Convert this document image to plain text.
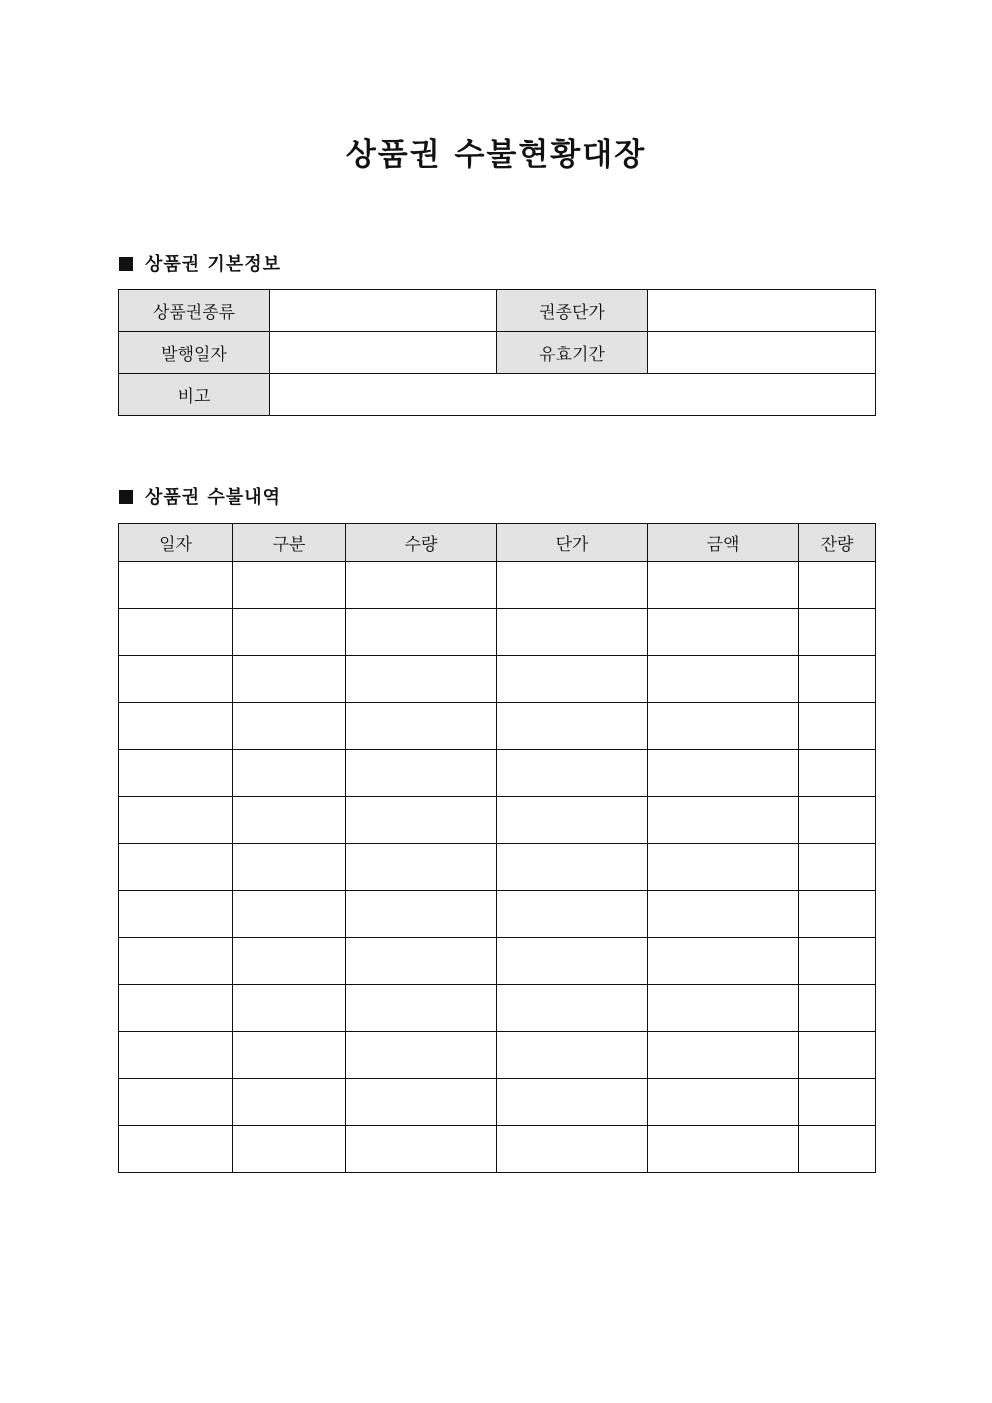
상품권 수불현황대장
상품권 기본정보
상품권종류		권종단가	
발행일자		유효기간	
비고			
상품권 수불내역
일자	구분	수량	단가	금액	잔량
